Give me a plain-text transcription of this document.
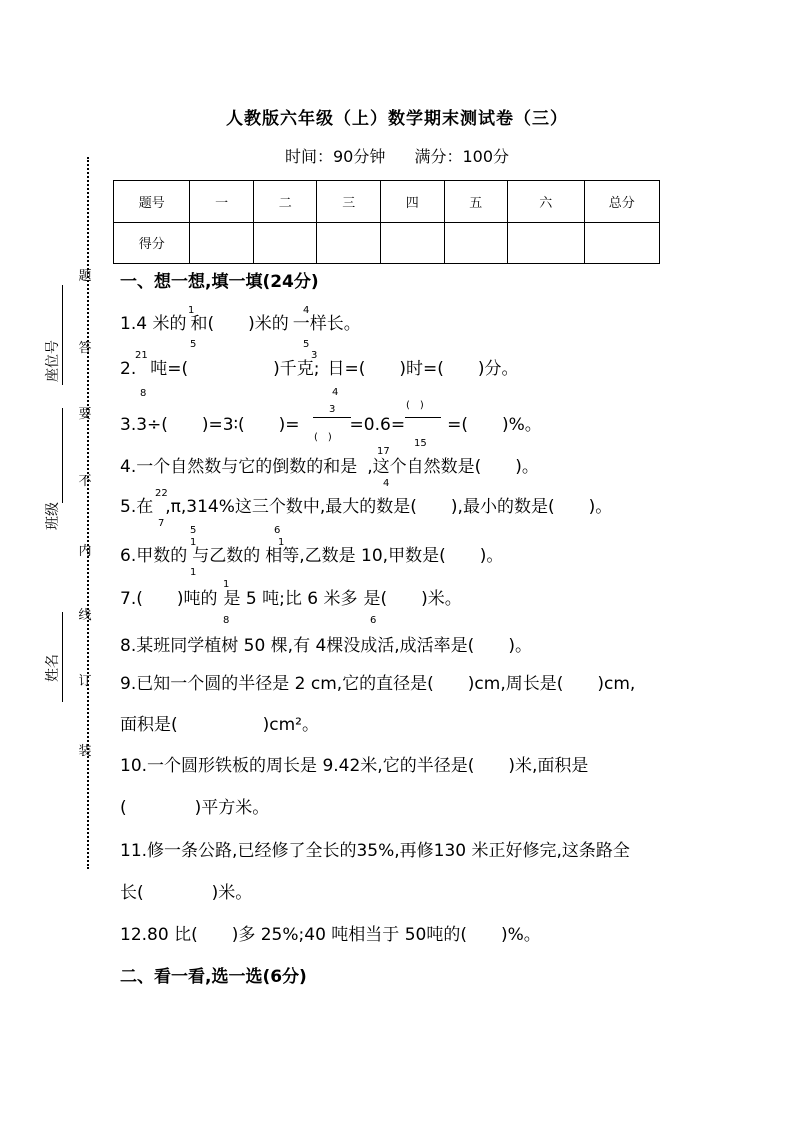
人教版六年级（上）数学期末测试卷（三）
时间：90分钟 满分：100分
题号	一	二	三	四	五	六	总分
得分							
题
答
要
不
内
线
订
装
座位号
班级
姓名
一、想一想,填一填(24分)
1.4 米的 和(　　)米的 一样长。
1	4
5	5
2. 吨=(　　　　　)千克; 日=(　　)时=(　　)分。
21	3
8
3.3÷(　　)=3∶(　　)=	=0.6= =(　　)%。
4
3
(　)
(　)
4.一个自然数与它的倒数的和是 ,这个自然数是(　　)。
17
15
4
5.在 ,π,314%这三个数中,最大的数是(　　),最小的数是(　　)。
22
7
5	6
6.甲数的 与乙数的 相等,乙数是 10,甲数是(　　)。
1	1
1
7.(　　)吨的 是 5 吨;比 6 米多 是(　　)米。
1
8	6
8.某班同学植树 50 棵,有 4棵没成活,成活率是(　　)。
9.已知一个圆的半径是 2 cm,它的直径是(　　)cm,周长是(　　)cm,
面积是(　　　　　)cm²。
10.一个圆形铁板的周长是 9.42米,它的半径是(　　)米,面积是
(　　　　)平方米。
11.修一条公路,已经修了全长的35%,再修130 米正好修完,这条路全
长(　　　　)米。
12.80 比(　　)多 25%;40 吨相当于 50吨的(　　)%。
二、看一看,选一选(6分)
